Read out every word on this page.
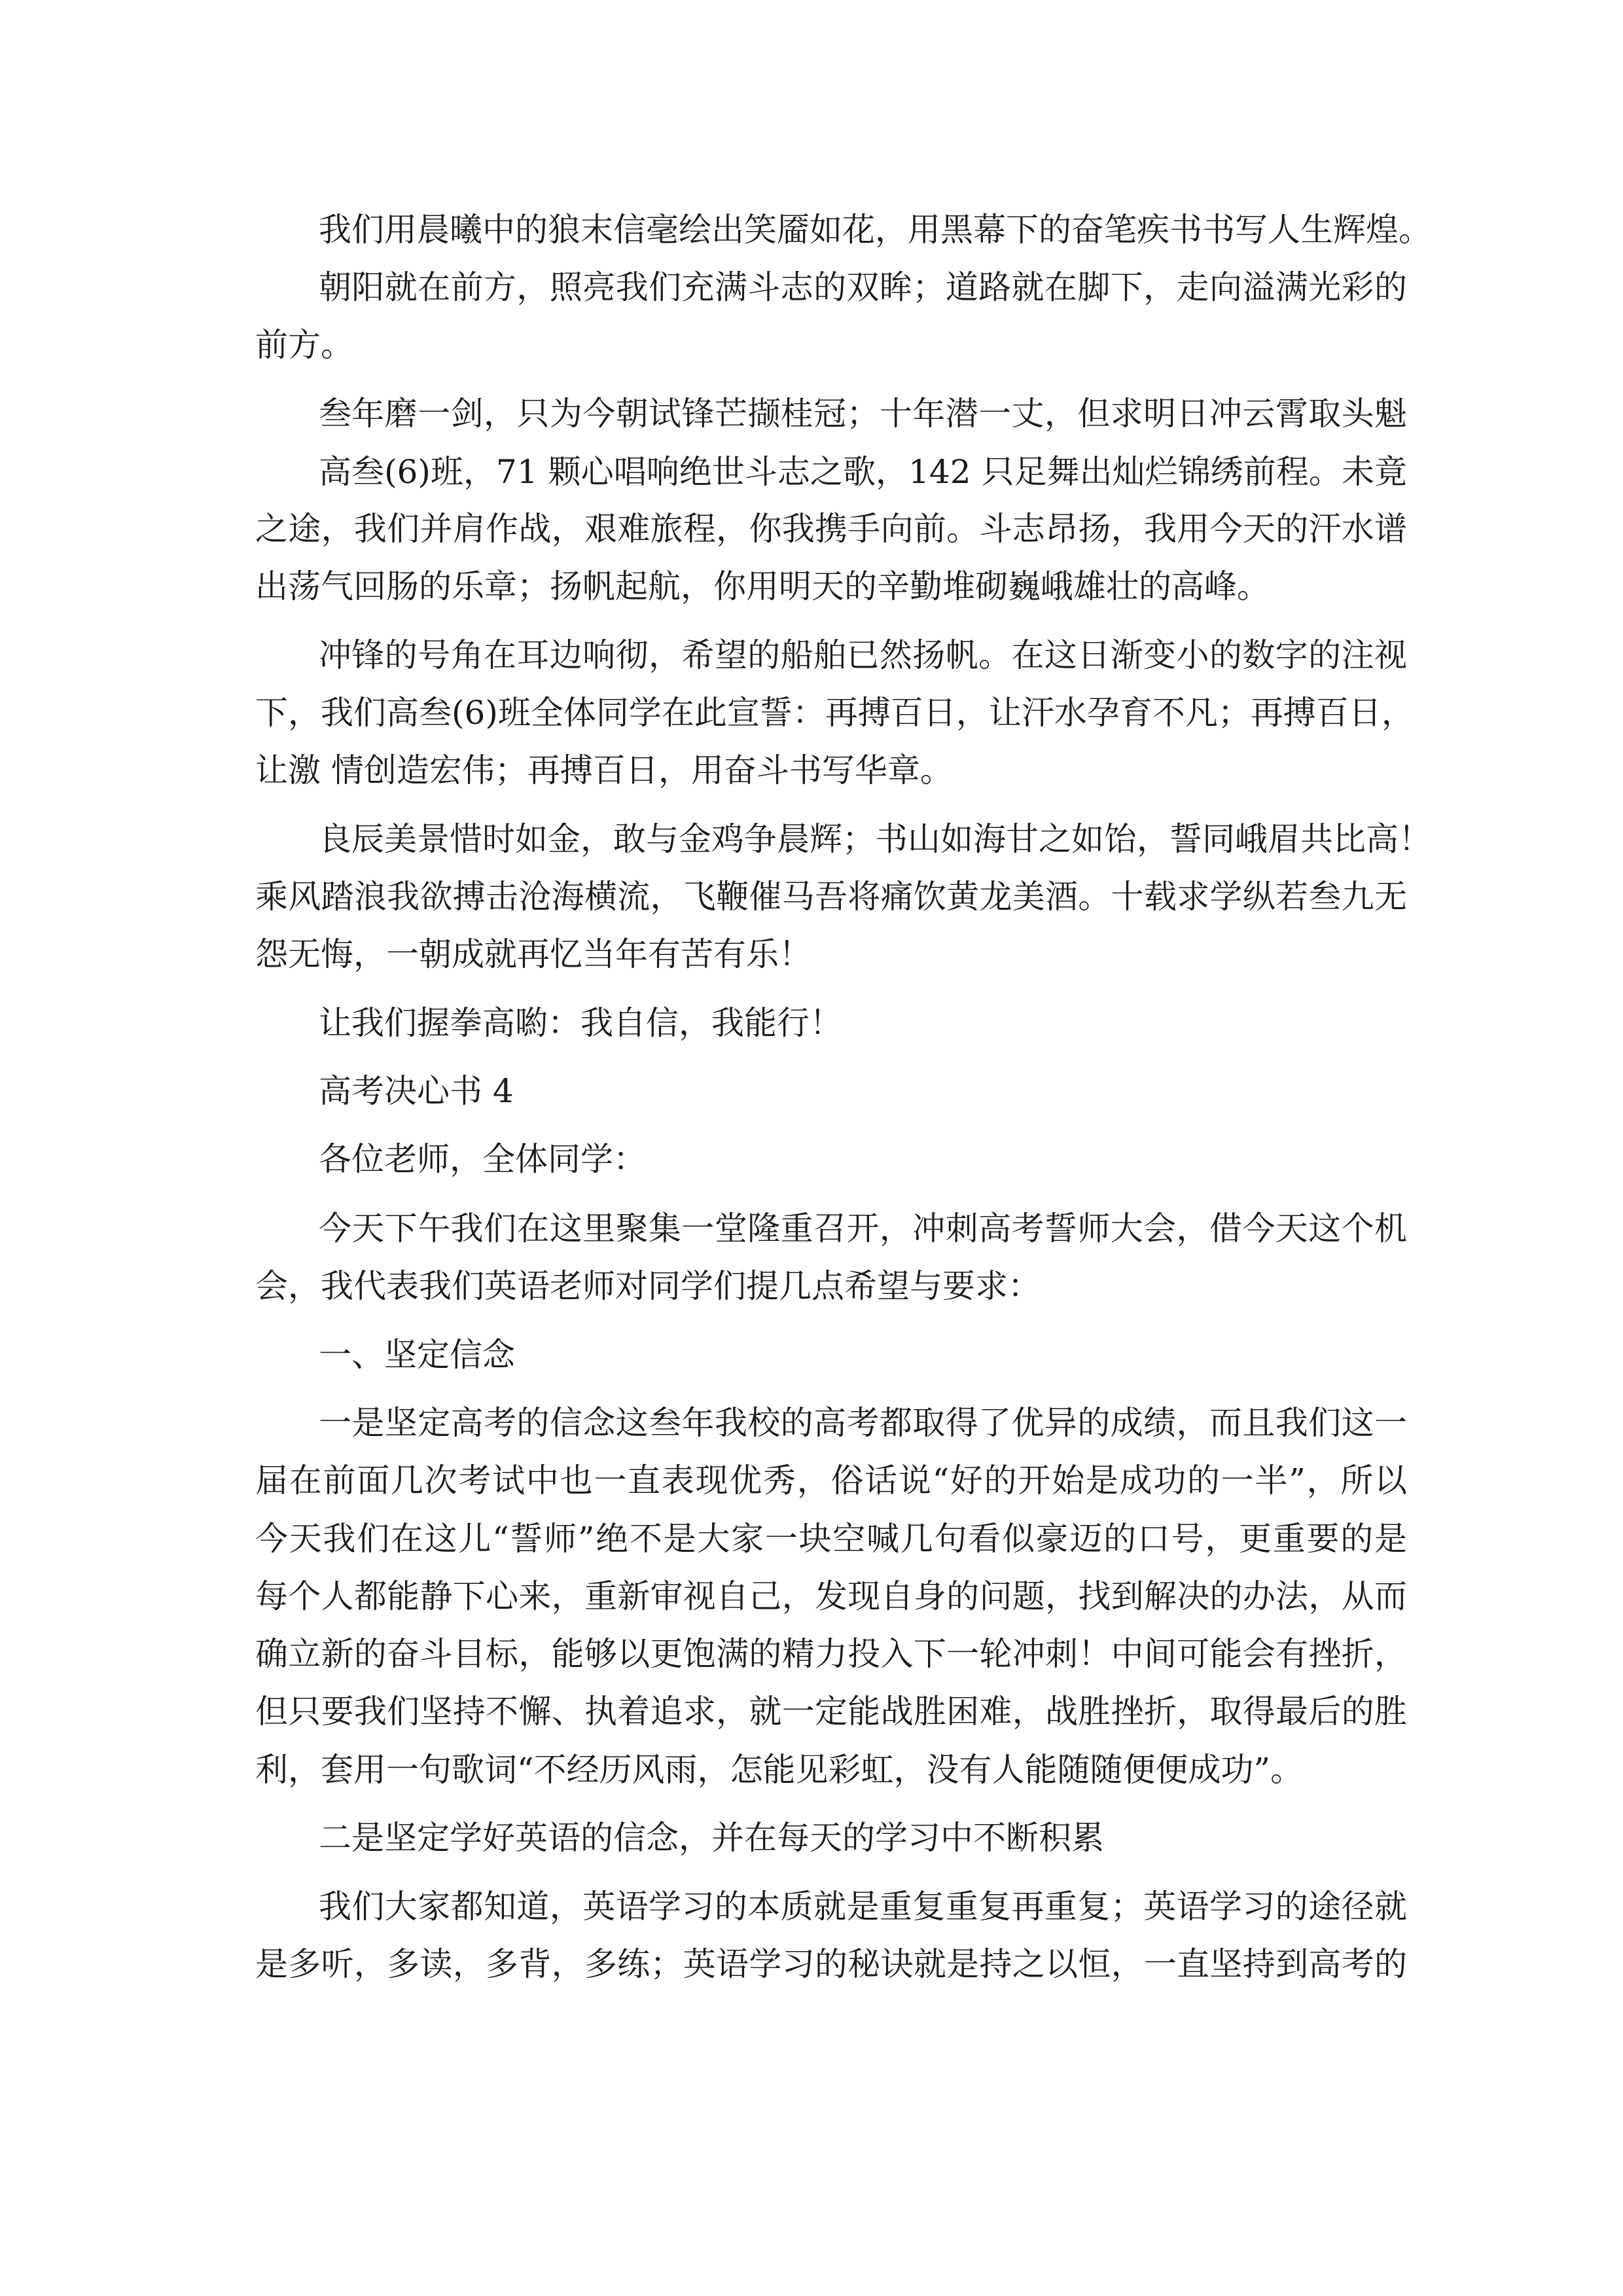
我们用晨曦中的狼末信毫绘出笑靥如花，用黑幕下的奋笔疾书书写人生辉煌。
朝阳就在前方，照亮我们充满斗志的双眸；道路就在脚下，走向溢满光彩的
前方。
叁年磨一剑，只为今朝试锋芒撷桂冠；十年潜一丈，但求明日冲云霄取头魁
高叁(6)班，71 颗心唱响绝世斗志之歌，142 只足舞出灿烂锦绣前程。未竟
之途，我们并肩作战，艰难旅程，你我携手向前。斗志昂扬，我用今天的汗水谱
出荡气回肠的乐章；扬帆起航，你用明天的辛勤堆砌巍峨雄壮的高峰。
冲锋的号角在耳边响彻，希望的船舶已然扬帆。在这日渐变小的数字的注视
下，我们高叁(6)班全体同学在此宣誓：再搏百日，让汗水孕育不凡；再搏百日，
让激 情创造宏伟；再搏百日，用奋斗书写华章。
良辰美景惜时如金，敢与金鸡争晨辉；书山如海甘之如饴，誓同峨眉共比高！
乘风踏浪我欲搏击沧海横流，飞鞭催马吾将痛饮黄龙美酒。十载求学纵若叁九无
怨无悔，一朝成就再忆当年有苦有乐！
让我们握拳高喲：我自信，我能行！
高考决心书 4
各位老师，全体同学：
今天下午我们在这里聚集一堂隆重召开，冲刺高考誓师大会，借今天这个机
会，我代表我们英语老师对同学们提几点希望与要求：
一、坚定信念
一是坚定高考的信念这叁年我校的高考都取得了优异的成绩，而且我们这一
届在前面几次考试中也一直表现优秀，俗话说“好的开始是成功的一半”，所以
今天我们在这儿“誓师”绝不是大家一块空喊几句看似豪迈的口号，更重要的是
每个人都能静下心来，重新审视自己，发现自身的问题，找到解决的办法，从而
确立新的奋斗目标，能够以更饱满的精力投入下一轮冲刺！中间可能会有挫折，
但只要我们坚持不懈、执着追求，就一定能战胜困难，战胜挫折，取得最后的胜
利，套用一句歌词“不经历风雨，怎能见彩虹，没有人能随随便便成功”。
二是坚定学好英语的信念，并在每天的学习中不断积累
我们大家都知道，英语学习的本质就是重复重复再重复；英语学习的途径就
是多听，多读，多背，多练；英语学习的秘诀就是持之以恒，一直坚持到高考的
